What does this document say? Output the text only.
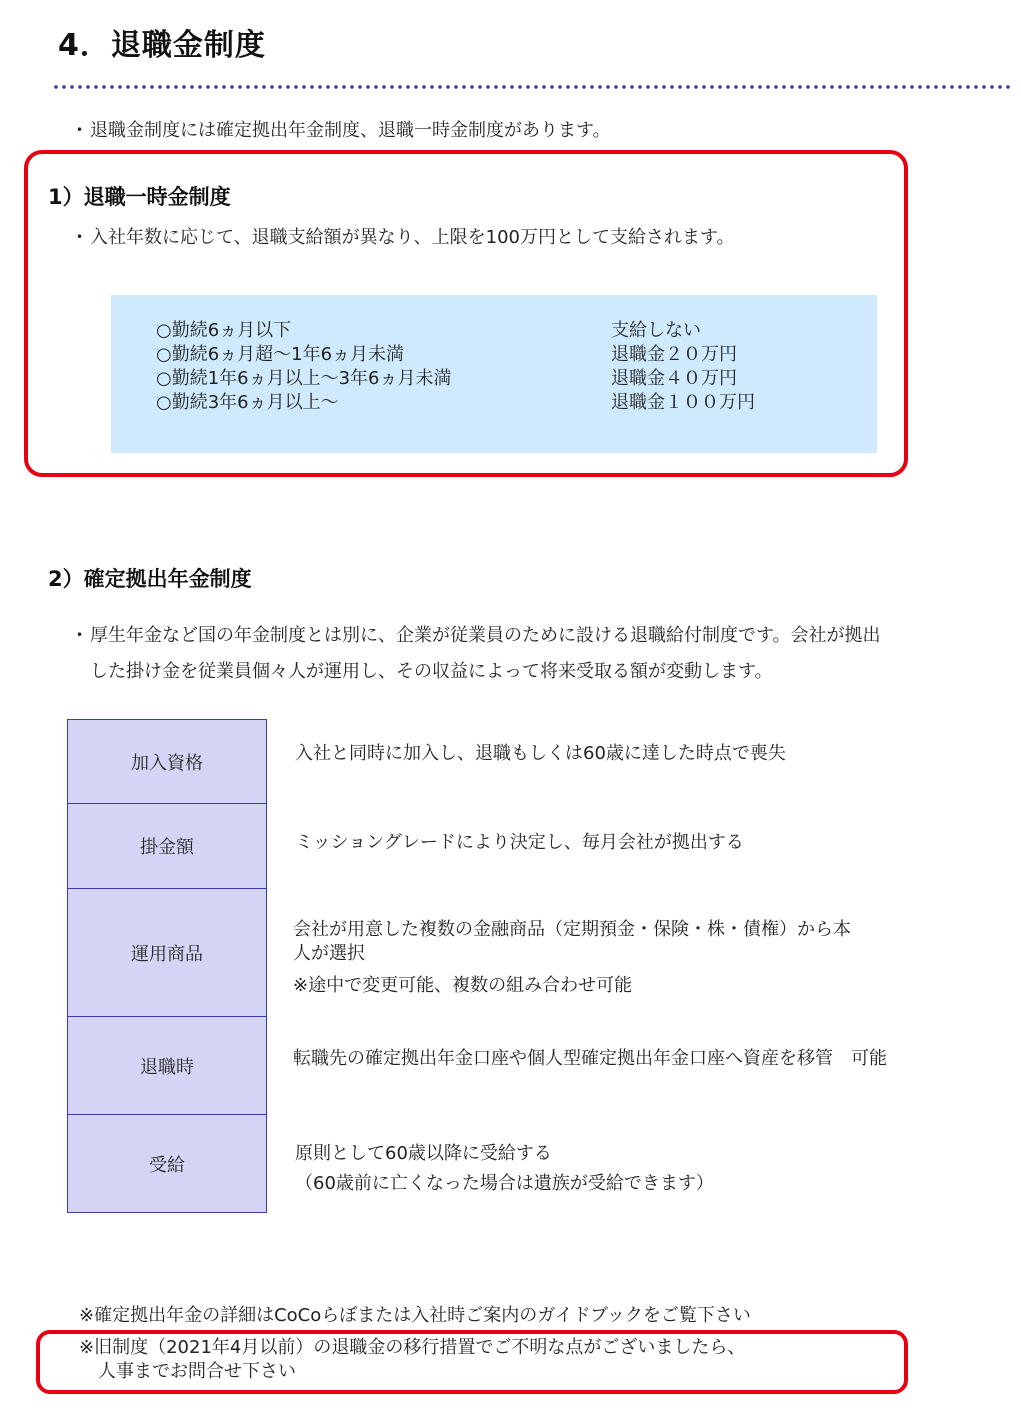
4．退職金制度
• 退職金制度には確定拠出年金制度、退職一時金制度があります。
1）退職一時金制度
• 入社年数に応じて、退職支給額が異なり、上限を100万円として支給されます。
○勤続6ヵ月以下
○勤続6ヵ月超～1年6ヵ月未満
○勤続1年6ヵ月以上～3年6ヵ月未満
○勤続3年6ヵ月以上～
支給しない
退職金２０万円
退職金４０万円
退職金１００万円
2）確定拠出年金制度
• 厚生年金など国の年金制度とは別に、企業が従業員のために設ける退職給付制度です。会社が拠出
した掛け金を従業員個々人が運用し、その収益によって将来受取る額が変動します。
加入資格
掛金額
運用商品
退職時
受給
入社と同時に加入し、退職もしくは60歳に達した時点で喪失
ミッショングレードにより決定し、毎月会社が拠出する
会社が用意した複数の金融商品（定期預金・保険・株・債権）から本
人が選択
※途中で変更可能、複数の組み合わせ可能
転職先の確定拠出年金口座や個人型確定拠出年金口座へ資産を移管　可能
原則として60歳以降に受給する
（60歳前に亡くなった場合は遺族が受給できます）
※確定拠出年金の詳細はCoCoらぼまたは入社時ご案内のガイドブックをご覧下さい
※旧制度（2021年4月以前）の退職金の移行措置でご不明な点がございましたら、
人事までお問合せ下さい
